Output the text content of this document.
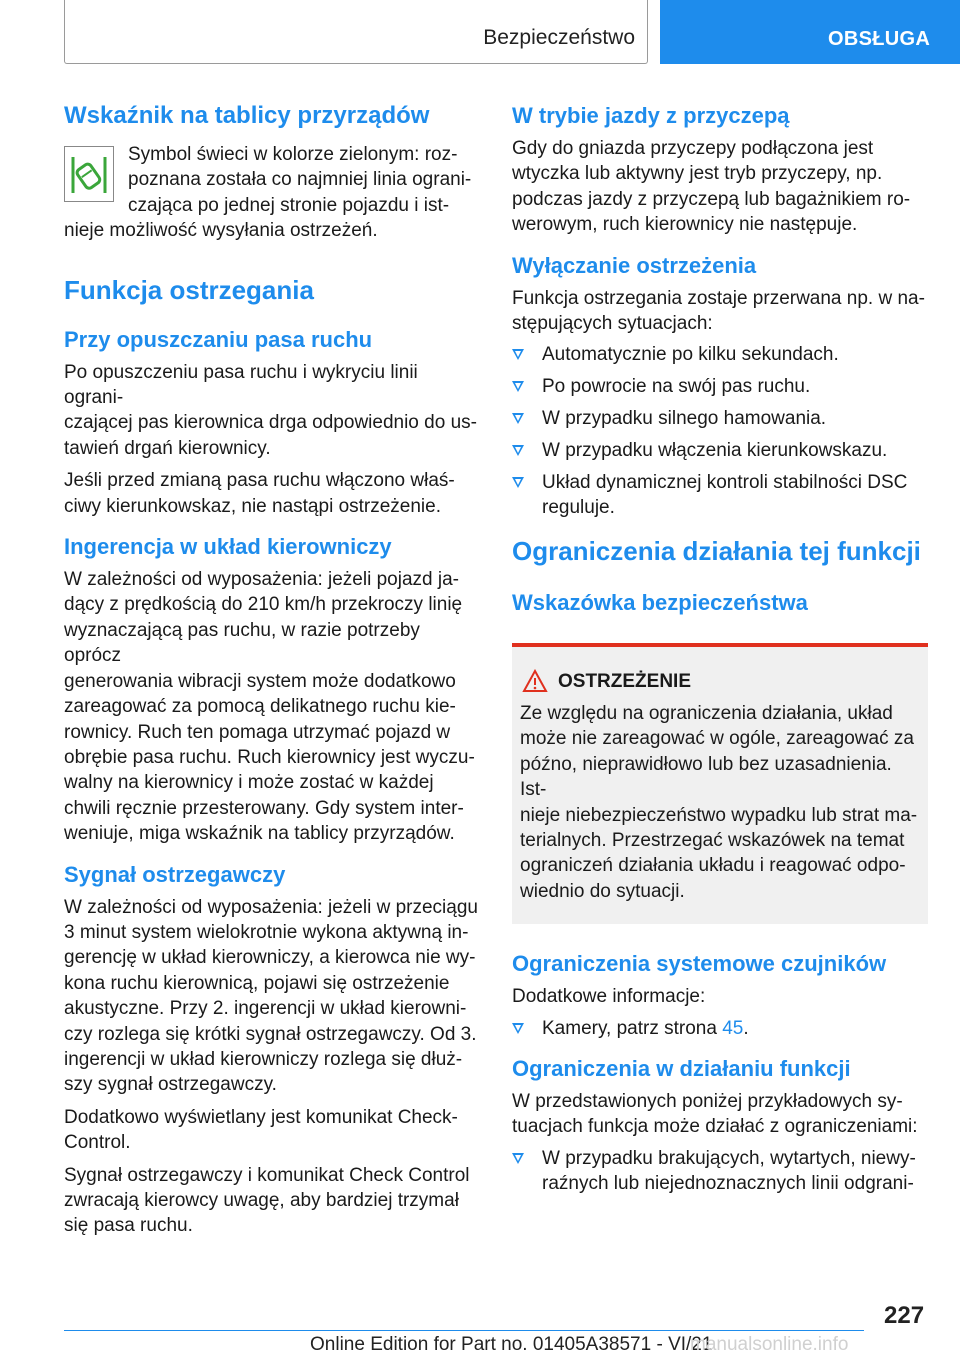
Bezpieczeństwo	OBSŁUGA
Wskaźnik na tablicy przyrządów

Symbol świeci w kolorze zielonym: roz-
poznana została co najmniej linia ograni-
czająca po jednej stronie pojazdu i ist-
nieje możliwość wysyłania ostrzeżeń.

Funkcja ostrzegania
Przy opuszczaniu pasa ruchu

Po opuszczeniu pasa ruchu i wykryciu linii ograni-
czającej pas kierownica drga odpowiednio do us-
tawień drgań kierownicy.

Jeśli przed zmianą pasa ruchu włączono właś-
ciwy kierunkowskaz, nie nastąpi ostrzeżenie.

Ingerencja w układ kierowniczy

W zależności od wyposażenia: jeżeli pojazd ja-
dący z prędkością do 210 km/h przekroczy linię
wyznaczającą pas ruchu, w razie potrzeby oprócz
generowania wibracji system może dodatkowo
zareagować za pomocą delikatnego ruchu kie-
rownicy. Ruch ten pomaga utrzymać pojazd w
obrębie pasa ruchu. Ruch kierownicy jest wyczu-
walny na kierownicy i może zostać w każdej
chwili ręcznie przesterowany. Gdy system inter-
weniuje, miga wskaźnik na tablicy przyrządów.

Sygnał ostrzegawczy

W zależności od wyposażenia: jeżeli w przeciągu
3 minut system wielokrotnie wykona aktywną in-
gerencję w układ kierowniczy, a kierowca nie wy-
kona ruchu kierownicą, pojawi się ostrzeżenie
akustyczne. Przy 2. ingerencji w układ kierowni-
czy rozlega się krótki sygnał ostrzegawczy. Od 3.
ingerencji w układ kierowniczy rozlega się dłuż-
szy sygnał ostrzegawczy.

Dodatkowo wyświetlany jest komunikat Check-
Control.

Sygnał ostrzegawczy i komunikat Check Control
zwracają kierowcy uwagę, aby bardziej trzymał
się pasa ruchu.

W trybie jazdy z przyczepą

Gdy do gniazda przyczepy podłączona jest
wtyczka lub aktywny jest tryb przyczepy, np.
podczas jazdy z przyczepą lub bagażnikiem ro-
werowym, ruch kierownicy nie następuje.

Wyłączanie ostrzeżenia

Funkcja ostrzegania zostaje przerwana np. w na-
stępujących sytuacjach:

Automatycznie po kilku sekundach.
Po powrocie na swój pas ruchu.
W przypadku silnego hamowania.
W przypadku włączenia kierunkowskazu.
Układ dynamicznej kontroli stabilności DSC
reguluje.
Ograniczenia działania tej funkcji
Wskazówka bezpieczeństwa
OSTRZEŻENIE

Ze względu na ograniczenia działania, układ
może nie zareagować w ogóle, zareagować za
późno, nieprawidłowo lub bez uzasadnienia. Ist-
nieje niebezpieczeństwo wypadku lub strat ma-
terialnych. Przestrzegać wskazówek na temat
ograniczeń działania układu i reagować odpo-
wiednio do sytuacji.

Ograniczenia systemowe czujników

Dodatkowe informacje:

Kamery, patrz strona 45.
Ograniczenia w działaniu funkcji

W przedstawionych poniżej przykładowych sy-
tuacjach funkcja może działać z ograniczeniami:

W przypadku brakujących, wytartych, niewy-
raźnych lub niejednoznacznych linii odgrani-
227
Online Edition for Part no. 01405A38571 - VI/21
manualsonline.info
